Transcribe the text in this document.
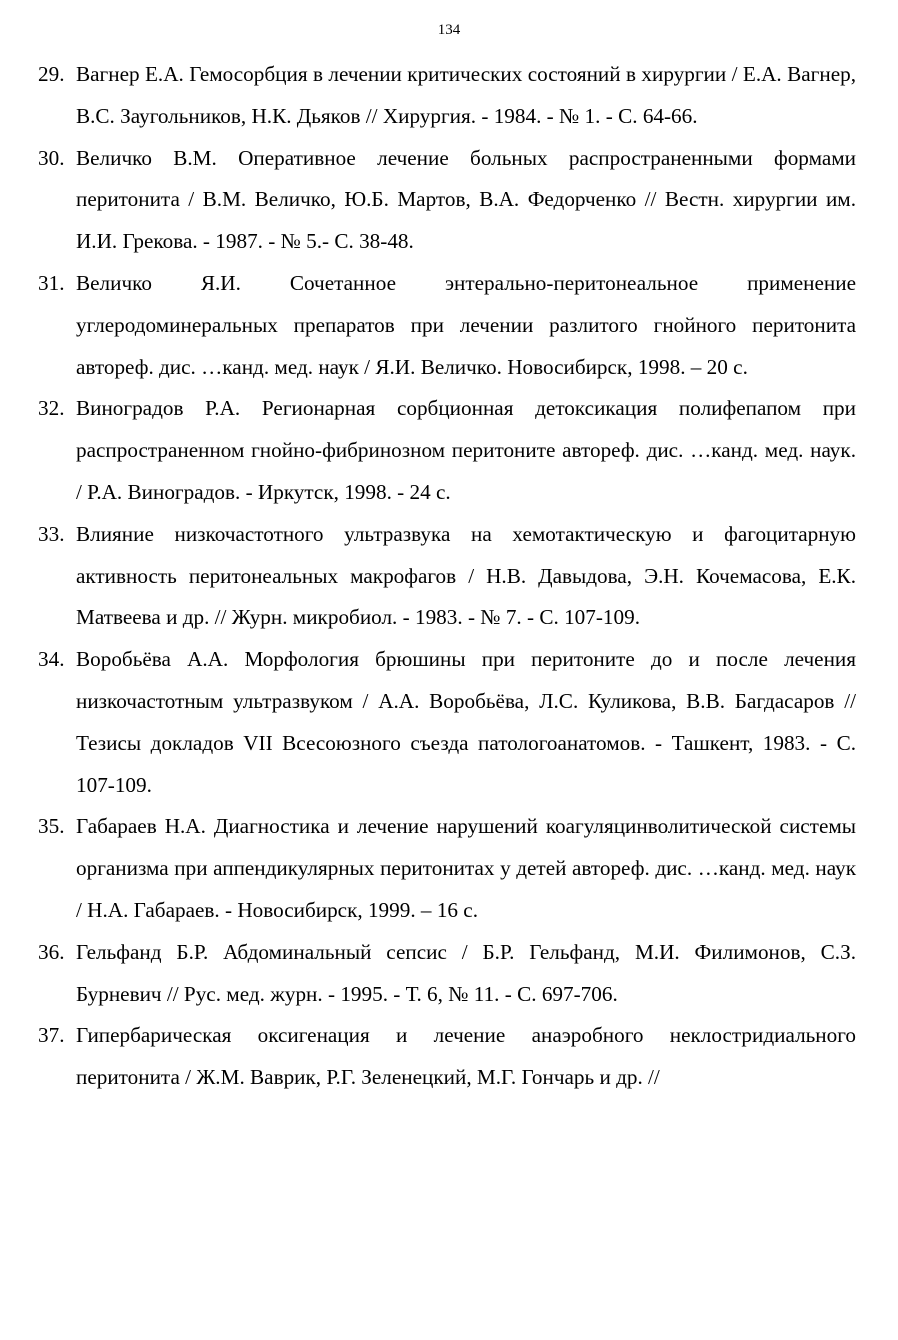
134
29. Вагнер Е.А. Гемосорбция в лечении критических состояний в хирургии / Е.А. Вагнер, В.С. Заугольников, Н.К. Дьяков // Хирургия. - 1984. - № 1. - С. 64-66.
30. Величко В.М. Оперативное лечение больных распространенными формами перитонита / В.М. Величко, Ю.Б. Мартов, В.А. Федорченко // Вестн. хирургии им. И.И. Грекова. - 1987. - № 5.- С. 38-48.
31. Величко Я.И. Сочетанное энтерально-перитонеальное применение углеродоминеральных препаратов при лечении разлитого гнойного перитонита автореф. дис. …канд. мед. наук / Я.И. Величко. Новосибирск, 1998. – 20 с.
32. Виноградов Р.А. Регионарная сорбционная детоксикация полифепапом при распространенном гнойно-фибринозном перитоните автореф. дис. …канд. мед. наук. / Р.А. Виноградов. - Иркутск, 1998. - 24 с.
33. Влияние низкочастотного ультразвука на хемотактическую и фагоцитарную активность перитонеальных макрофагов / Н.В. Давыдова, Э.Н. Кочемасова, Е.К. Матвеева и др. // Журн. микробиол. - 1983. - № 7. - С. 107-109.
34. Воробьёва А.А. Морфология брюшины при перитоните до и после лечения низкочастотным ультразвуком / А.А. Воробьёва, Л.С. Куликова, В.В. Багдасаров // Тезисы докладов VII Всесоюзного съезда патологоанатомов. - Ташкент, 1983. - С. 107-109.
35. Габараев Н.А. Диагностика и лечение нарушений коагуляцинволитической системы организма при аппендикулярных перитонитах у детей автореф. дис. …канд. мед. наук / Н.А. Габараев. - Новосибирск, 1999. – 16 с.
36. Гельфанд Б.Р. Абдоминальный сепсис / Б.Р. Гельфанд, М.И. Филимонов, С.З. Бурневич // Рус. мед. журн. - 1995. - Т. 6, № 11. - С. 697-706.
37. Гипербарическая оксигенация и лечение анаэробного неклостридиального перитонита / Ж.М. Ваврик, Р.Г. Зеленецкий, М.Г. Гончарь и др. //
